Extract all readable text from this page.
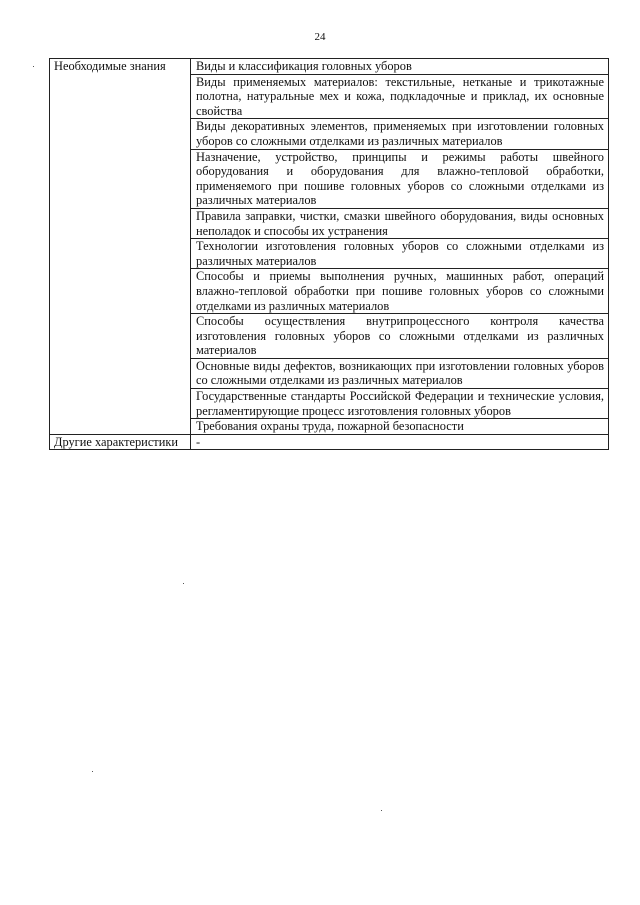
24
Необходимые знания	Виды и классификация головных уборов
	Виды применяемых материалов: текстильные, нетканые и трикотажные полотна, натуральные мех и кожа, подкладочные и приклад, их основные свойства
	Виды декоративных элементов, применяемых при изготовлении головных уборов со сложными отделками из различных материалов
	Назначение, устройство, принципы и режимы работы швейного оборудования и оборудования для влажно-тепловой обработки, применяемого при пошиве головных уборов со сложными отделками из различных материалов
	Правила заправки, чистки, смазки швейного оборудования, виды основных неполадок и способы их устранения
	Технологии изготовления головных уборов со сложными отделками из различных материалов
	Способы и приемы выполнения ручных, машинных работ, операций влажно-тепловой обработки при пошиве головных уборов со сложными отделками из различных материалов
	Способы осуществления внутрипроцессного контроля качества изготовления головных уборов со сложными отделками из различных материалов
	Основные виды дефектов, возникающих при изготовлении головных уборов со сложными отделками из различных материалов
	Государственные стандарты Российской Федерации и технические условия, регламентирующие процесс изготовления головных уборов
	Требования охраны труда, пожарной безопасности
Другие характеристики	-
